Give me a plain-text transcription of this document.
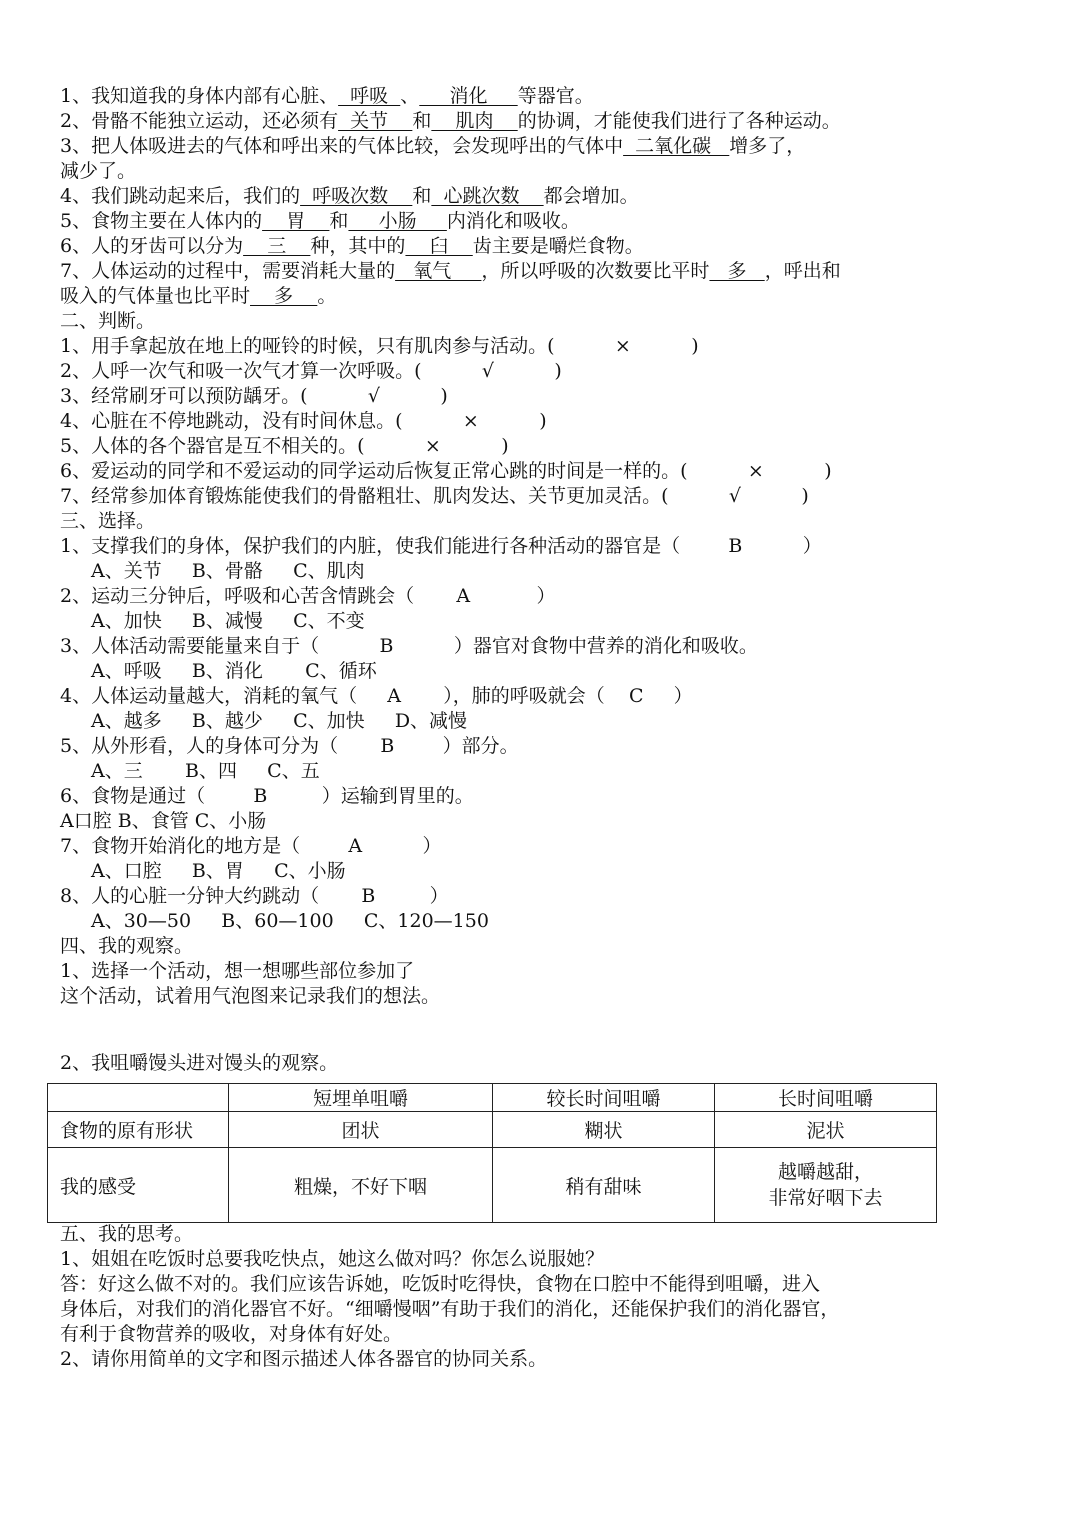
1、我知道我的身体内部有心脏、  呼吸  、     消化     等器官。

2、骨骼不能独立运动，还必须有  关节    和    肌肉    的协调，才能使我们进行了各种运动。

3、把人体吸进去的气体和呼出来的气体比较，会发现呼出的气体中  二氧化碳   增多了，

减少了。

4、我们跳动起来后，我们的  呼吸次数    和  心跳次数    都会增加。

5、食物主要在人体内的    胃    和     小肠     内消化和吸收。

6、人的牙齿可以分为    三    种，其中的    臼    齿主要是嚼烂食物。

7、人体运动的过程中，需要消耗大量的   氧气     ，所以呼吸的次数要比平时   多   ，呼出和

吸入的气体量也比平时    多    。

二、判断。

1、用手拿起放在地上的哑铃的时候，只有肌肉参与活动。(          ×          )

2、人呼一次气和吸一次气才算一次呼吸。(          √          )

3、经常刷牙可以预防龋牙。(          √          )

4、心脏在不停地跳动，没有时间休息。(          ×          )

5、人体的各个器官是互不相关的。(          ×          )

6、爱运动的同学和不爱运动的同学运动后恢复正常心跳的时间是一样的。(          ×          )

7、经常参加体育锻炼能使我们的骨骼粗壮、肌肉发达、关节更加灵活。(          √          )

三、选择。

1、支撑我们的身体，保护我们的内脏，使我们能进行各种活动的器官是（        B          ）

A、关节     B、骨骼     C、肌肉

2、运动三分钟后，呼吸和心苦含情跳会（       A           ）

A、加快     B、减慢     C、不变

3、人体活动需要能量来自于（          B          ）器官对食物中营养的消化和吸收。

A、呼吸     B、消化       C、循环

4、人体运动量越大，消耗的氧气（     A       ），肺的呼吸就会（    C     ）

A、越多     B、越少     C、加快     D、减慢

5、从外形看，人的身体可分为（       B        ）部分。

A、三       B、四     C、五

6、食物是通过（        B         ）运输到胃里的。

A口腔 B、食管 C、小肠

7、食物开始消化的地方是（        A          ）

A、口腔     B、胃     C、小肠

8、人的心脏一分钟大约跳动（       B         ）

A、30—50     B、60—100     C、120—150

四、我的观察。

1、选择一个活动，想一想哪些部位参加了

这个活动，试着用气泡图来记录我们的想法。

2、我咀嚼馒头进对馒头的观察。

	短埋单咀嚼	较长时间咀嚼	长时间咀嚼
食物的原有形状	团状	糊状	泥状
我的感受	粗燥，不好下咽	稍有甜味	越嚼越甜，
非常好咽下去

五、我的思考。

1、姐姐在吃饭时总要我吃快点，她这么做对吗？你怎么说服她？

答：好这么做不对的。我们应该告诉她，吃饭时吃得快，食物在口腔中不能得到咀嚼，进入

身体后，对我们的消化器官不好。“细嚼慢咽”有助于我们的消化，还能保护我们的消化器官，

有利于食物营养的吸收，对身体有好处。

2、请你用简单的文字和图示描述人体各器官的协同关系。
